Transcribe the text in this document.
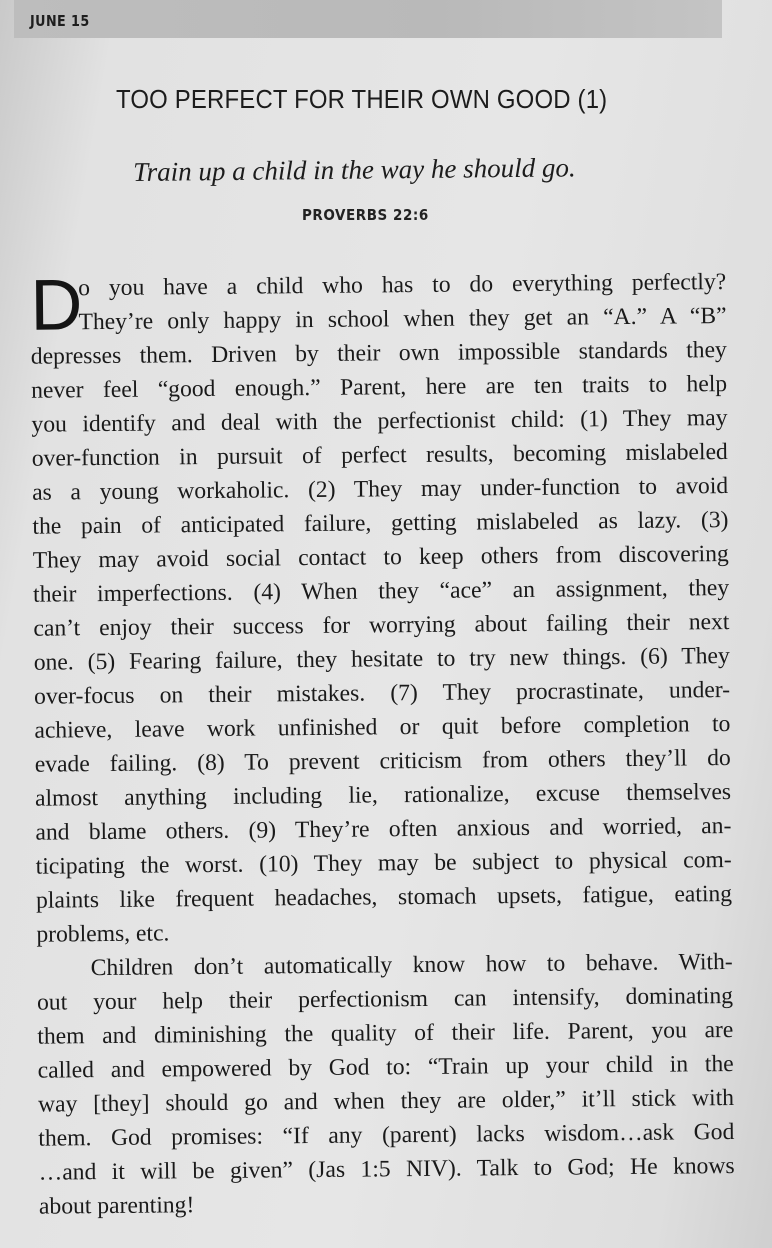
JUNE 15
TOO PERFECT FOR THEIR OWN GOOD (1)
Train up a child in the way he should go.
PROVERBS 22:6
D
o you have a child who has to do everything perfectly?
They’re only happy in school when they get an “A.” A “B”
depresses them. Driven by their own impossible standards they
never feel “good enough.” Parent, here are ten traits to help
you identify and deal with the perfectionist child: (1) They may
over-function in pursuit of perfect results, becoming mislabeled
as a young workaholic. (2) They may under-function to avoid
the pain of anticipated failure, getting mislabeled as lazy. (3)
They may avoid social contact to keep others from discovering
their imperfections. (4) When they “ace” an assignment, they
can’t enjoy their success for worrying about failing their next
one. (5) Fearing failure, they hesitate to try new things. (6) They
over-focus on their mistakes. (7) They procrastinate, under-
achieve, leave work unfinished or quit before completion to
evade failing. (8) To prevent criticism from others they’ll do
almost anything including lie, rationalize, excuse themselves
and blame others. (9) They’re often anxious and worried, an-
ticipating the worst. (10) They may be subject to physical com-
plaints like frequent headaches, stomach upsets, fatigue, eating
problems, etc.
Children don’t automatically know how to behave. With-
out your help their perfectionism can intensify, dominating
them and diminishing the quality of their life. Parent, you are
called and empowered by God to: “Train up your child in the
way [they] should go and when they are older,” it’ll stick with
them. God promises: “If any (parent) lacks wisdom…ask God
…and it will be given” (Jas 1:5 NIV). Talk to God; He knows
about parenting!
